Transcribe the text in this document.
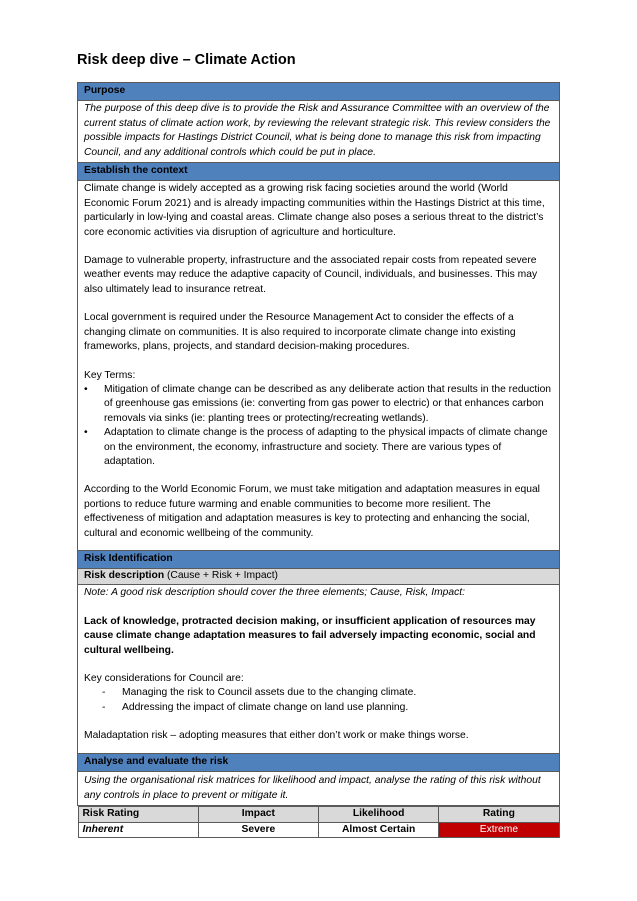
Risk deep dive – Climate Action
Purpose
The purpose of this deep dive is to provide the Risk and Assurance Committee with an overview of the current status of climate action work, by reviewing the relevant strategic risk. This review considers the possible impacts for Hastings District Council, what is being done to manage this risk from impacting Council, and any additional controls which could be put in place.
Establish the context

Climate change is widely accepted as a growing risk facing societies around the world (World Economic Forum 2021) and is already impacting communities within the Hastings District at this time, particularly in low-lying and coastal areas. Climate change also poses a serious threat to the district’s core economic activities via disruption of agriculture and horticulture.

Damage to vulnerable property, infrastructure and the associated repair costs from repeated severe weather events may reduce the adaptive capacity of Council, individuals, and businesses. This may also ultimately lead to insurance retreat.

Local government is required under the Resource Management Act to consider the effects of a changing climate on communities. It is also required to incorporate climate change into existing frameworks, plans, projects, and standard decision-making procedures.

Key Terms:

• Mitigation of climate change can be described as any deliberate action that results in the reduction of greenhouse gas emissions (ie: converting from gas power to electric) or that enhances carbon removals via sinks (ie: planting trees or protecting/recreating wetlands).
• Adaptation to climate change is the process of adapting to the physical impacts of climate change on the environment, the economy, infrastructure and society. There are various types of adaptation.

According to the World Economic Forum, we must take mitigation and adaptation measures in equal portions to reduce future warming and enable communities to become more resilient. The effectiveness of mitigation and adaptation measures is key to protecting and enhancing the social, cultural and economic wellbeing of the community.

Risk Identification
Risk description (Cause + Risk + Impact)

Note: A good risk description should cover the three elements; Cause, Risk, Impact:

Lack of knowledge, protracted decision making, or insufficient application of resources may cause climate change adaptation measures to fail adversely impacting economic, social and cultural wellbeing.

Key considerations for Council are:

- Managing the risk to Council assets due to the changing climate.
- Addressing the impact of climate change on land use planning.

Maladaptation risk – adopting measures that either don’t work or make things worse.

Analyse and evaluate the risk
Using the organisational risk matrices for likelihood and impact, analyse the rating of this risk without any controls in place to prevent or mitigate it.

Risk Rating	Impact	Likelihood	Rating
Inherent	Severe	Almost Certain	Extreme
